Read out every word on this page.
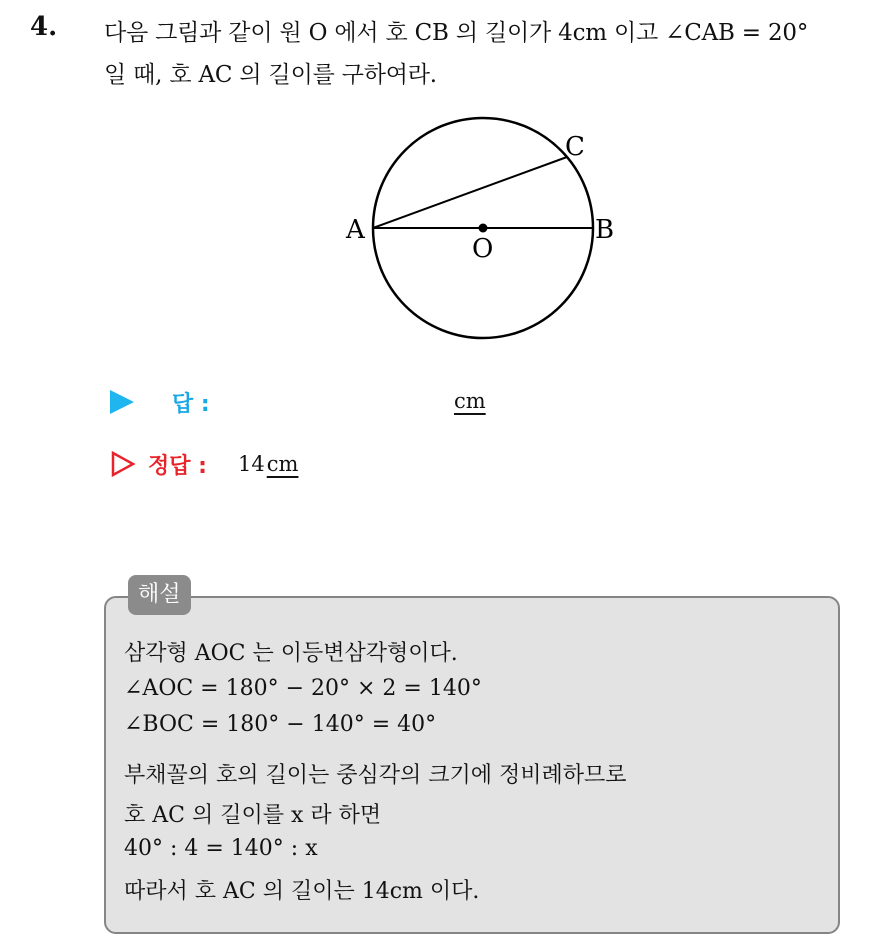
4. 다음 그림과 같이 원 O 에서 호 CB 의 길이가 4cm 이고 ∠CAB = 20°
일 때, 호 AC 의 길이를 구하여라.
A	B
C
O
답 :	cm
정답 : 14cm
해설
삼각형 AOC 는 이등변삼각형이다.
∠AOC = 180° − 20° × 2 = 140°
∠BOC = 180° − 140° = 40°
부채꼴의 호의 길이는 중심각의 크기에 정비례하므로
호 AC 의 길이를 x 라 하면
40° : 4 = 140° : x
따라서 호 AC 의 길이는 14cm 이다.
